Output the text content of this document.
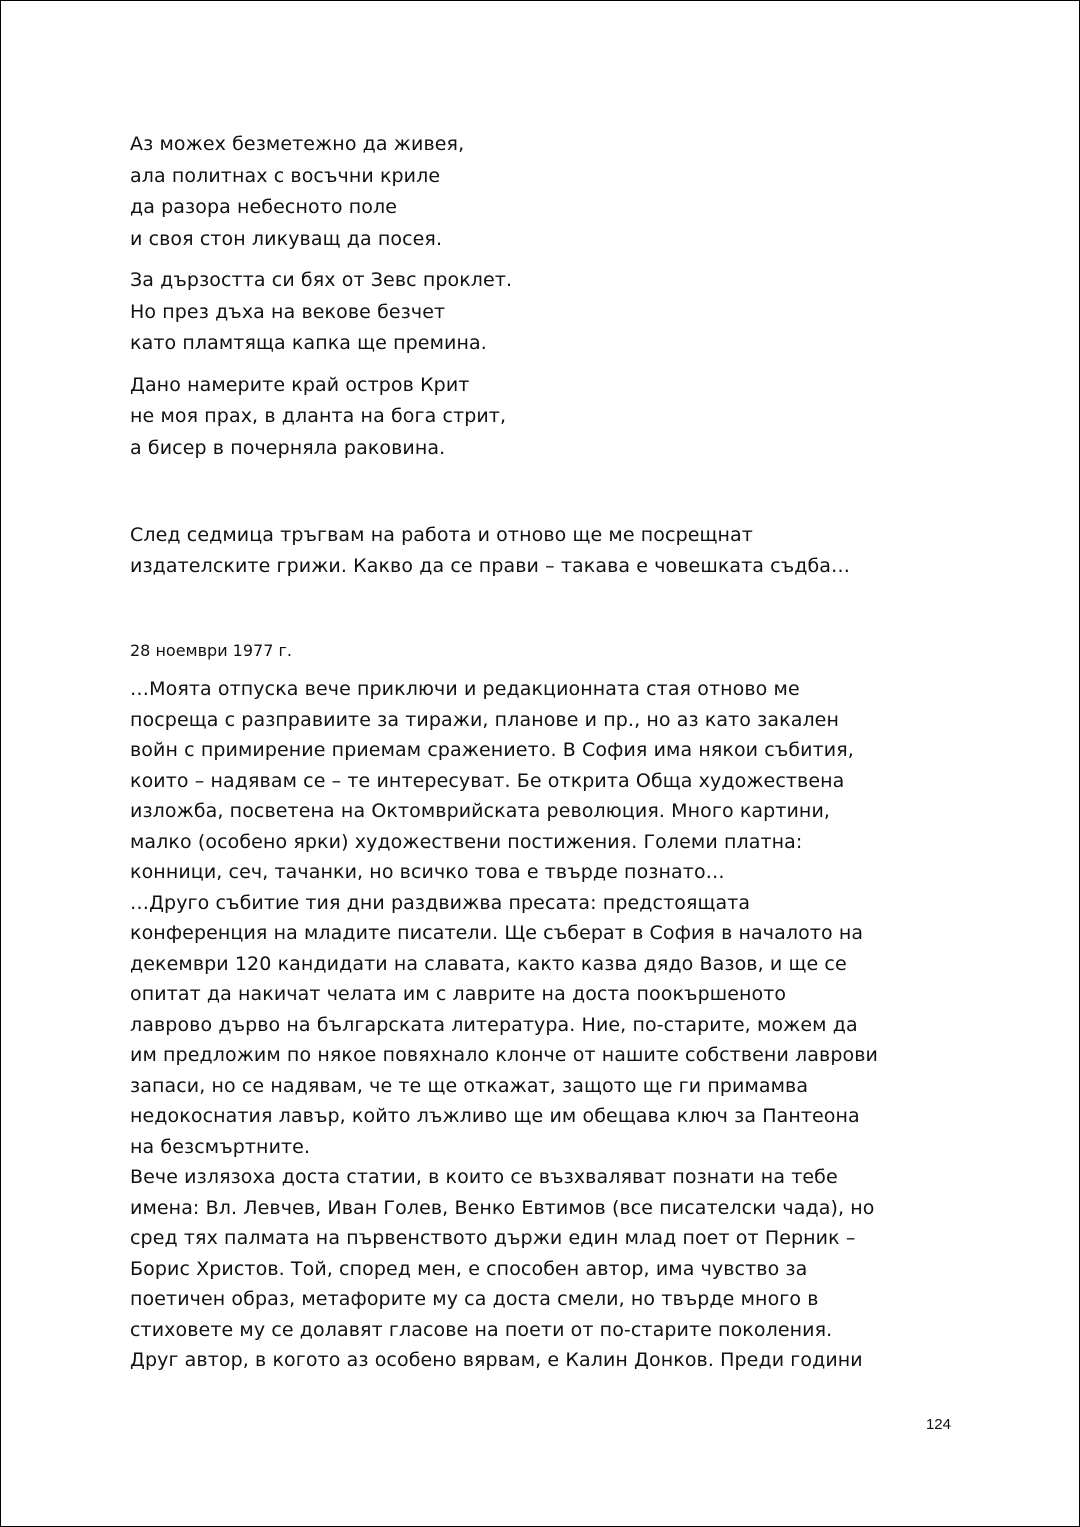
Аз можех безметежно да живея,
ала политнах с восъчни криле
да разора небесното поле
и своя стон ликуващ да посея.
За дързостта си бях от Зевс проклет.
Но през дъха на векове безчет
като пламтяща капка ще премина.
Дано намерите край остров Крит
не моя прах, в дланта на бога стрит,
а бисер в почерняла раковина.
След седмица тръгвам на работа и отново ще ме посрещнат
издателските грижи. Какво да се прави – такава е човешката съдба…
28 ноември 1977 г.
…Моята отпуска вече приключи и редакционната стая отново ме
посреща с разправиите за тиражи, планове и пр., но аз като закален
войн с примирение приемам сражението. В София има някои събития,
които – надявам се – те интересуват. Бе открита Обща художествена
изложба, посветена на Октомврийската революция. Много картини,
малко (особено ярки) художествени постижения. Големи платна:
конници, сеч, тачанки, но всичко това е твърде познато…
…Друго събитие тия дни раздвижва пресата: предстоящата
конференция на младите писатели. Ще съберат в София в началото на
декември 120 кандидати на славата, както казва дядо Вазов, и ще се
опитат да накичат челата им с лаврите на доста поокършеното
лаврово дърво на българската литература. Ние, по-старите, можем да
им предложим по някое повяхнало клонче от нашите собствени лаврови
запаси, но се надявам, че те ще откажат, защото ще ги примамва
недокоснатия лавър, който лъжливо ще им обещава ключ за Пантеона
на безсмъртните.
Вече излязоха доста статии, в които се възхваляват познати на тебе
имена: Вл. Левчев, Иван Голев, Венко Евтимов (все писателски чада), но
сред тях палмата на първенството държи един млад поет от Перник –
Борис Христов. Той, според мен, е способен автор, има чувство за
поетичен образ, метафорите му са доста смели, но твърде много в
стиховете му се долавят гласове на поети от по-старите поколения.
Друг автор, в когото аз особено вярвам, е Калин Донков. Преди години
124
